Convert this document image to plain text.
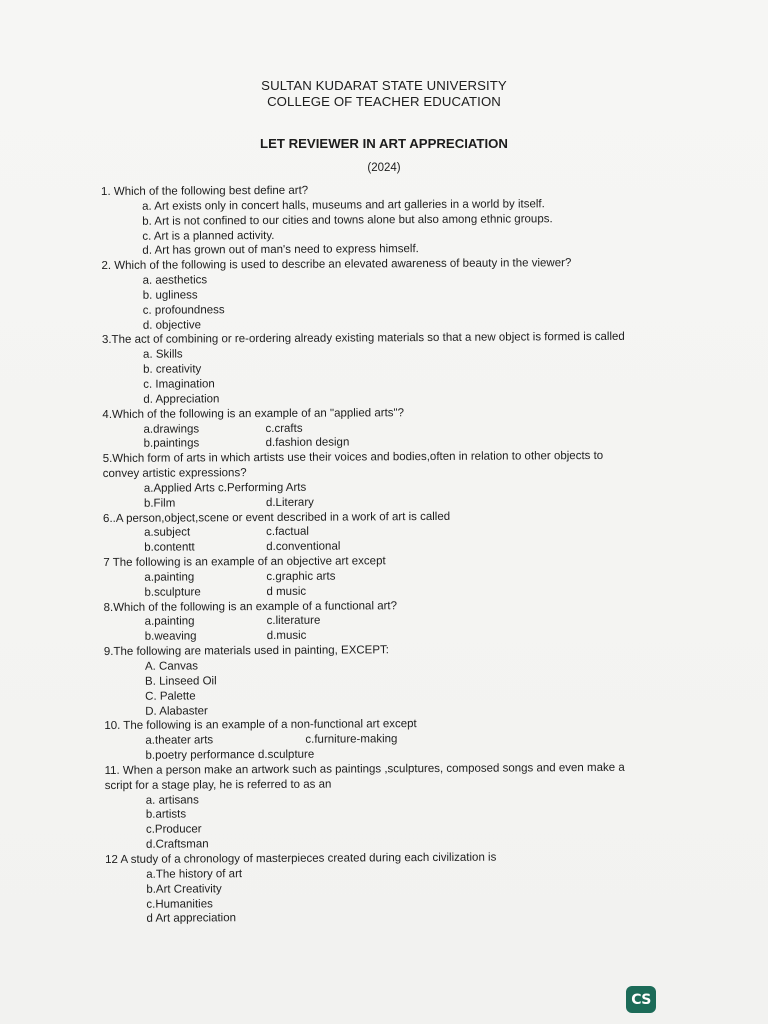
SULTAN KUDARAT STATE UNIVERSITY
COLLEGE OF TEACHER EDUCATION
LET REVIEWER IN ART APPRECIATION
(2024)
1. Which of the following best define art?
a. Art exists only in concert halls, museums and art galleries in a world by itself.
b. Art is not confined to our cities and towns alone but also among ethnic groups.
c. Art is a planned activity.
d. Art has grown out of man's need to express himself.
2. Which of the following is used to describe an elevated awareness of beauty in the viewer?
a. aesthetics
b. ugliness
c. profoundness
d. objective
3.The act of combining or re-ordering already existing materials so that a new object is formed is called
a. Skills
b. creativity
c. Imagination
d. Appreciation
4.Which of the following is an example of an "applied arts"?
a.drawings	c.crafts
b.paintings	d.fashion design
5.Which form of arts in which artists use their voices and bodies,often in relation to other objects to convey artistic expressions?
a.Applied Arts c.Performing Arts
b.Film	d.Literary
6..A person,object,scene or event described in a work of art is called
a.subject	c.factual
b.contentt	d.conventional
7 The following is an example of an objective art except
a.painting	c.graphic arts
b.sculpture	d music
8.Which of the following is an example of a functional art?
a.painting	c.literature
b.weaving	d.music
9.The following are materials used in painting, EXCEPT:
A. Canvas
B. Linseed Oil
C. Palette
D. Alabaster
10. The following is an example of a non-functional art except
a.theater arts	c.furniture-making
b.poetry performance d.sculpture
11. When a person make an artwork such as paintings ,sculptures, composed songs and even make a script for a stage play, he is referred to as an
a. artisans
b.artists
c.Producer
d.Craftsman
12 A study of a chronology of masterpieces created during each civilization is
a.The history of art
b.Art Creativity
c.Humanities
d Art appreciation
CS
